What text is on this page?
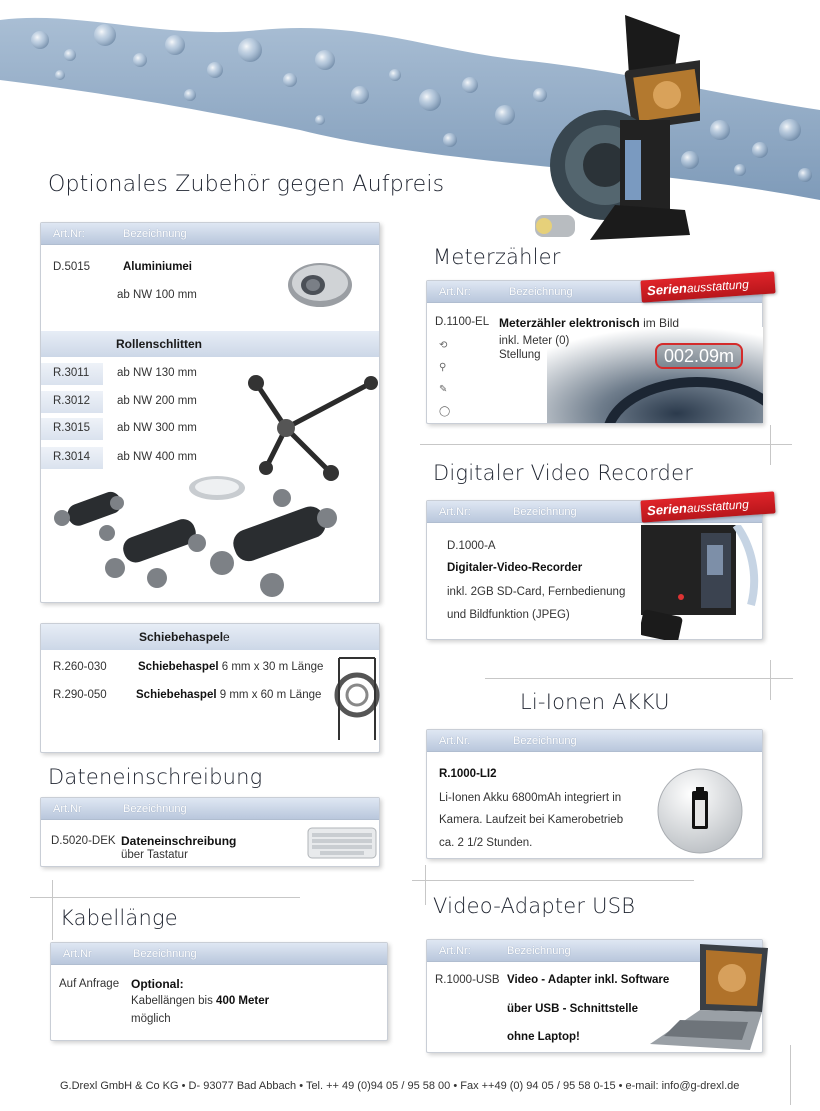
Optionales Zubehör gegen Aufpreis
Art.Nr:	Bezeichnung
D.5015	Aluminiumei
ab NW 100 mm
Rollenschlitten
R.3011 ab NW 130 mm
R.3012 ab NW 200 mm
R.3015 ab NW 300 mm
R.3014 ab NW 400 mm
Schiebehaspele
R.260-030	Schiebehaspel 6 mm x 30 m Länge
R.290-050	Schiebehaspel 9 mm x 60 m Länge
Dateneinschreibung
Art.Nr	Bezeichnung
D.5020-DEK Dateneinschreibung
über Tastatur
Kabellänge
Art.Nr	Bezeichnung
Auf Anfrage Optional:
Kabellängen bis 400 Meter
möglich
Meterzähler
Art.Nr:	Bezeichnung
D.1100-EL Meterzähler elektronisch im Bild
inkl. Meter (0)
Stellung	002.09m
⟲
⚲
✎
◯
Serienausstattung
Digitaler Video Recorder
Art.Nr:	Bezeichnung
D.1000-A
Digitaler-Video-Recorder
inkl. 2GB SD-Card, Fernbedienung
und Bildfunktion (JPEG)
Serienausstattung
Li-Ionen AKKU
Art.Nr.	Bezeichnung
R.1000-LI2
Li-Ionen Akku 6800mAh integriert in
Kamera. Laufzeit bei Kamerobetrieb
ca. 2 1/2 Stunden.
Video-Adapter USB
Art.Nr:	Bezeichnung
R.1000-USB Video - Adapter inkl. Software
über USB - Schnittstelle
ohne Laptop!
G.Drexl GmbH & Co KG • D- 93077 Bad Abbach • Tel. ++ 49 (0)94 05 / 95 58 00 • Fax ++49 (0) 94 05 / 95 58 0-15 • e-mail: info@g-drexl.de
